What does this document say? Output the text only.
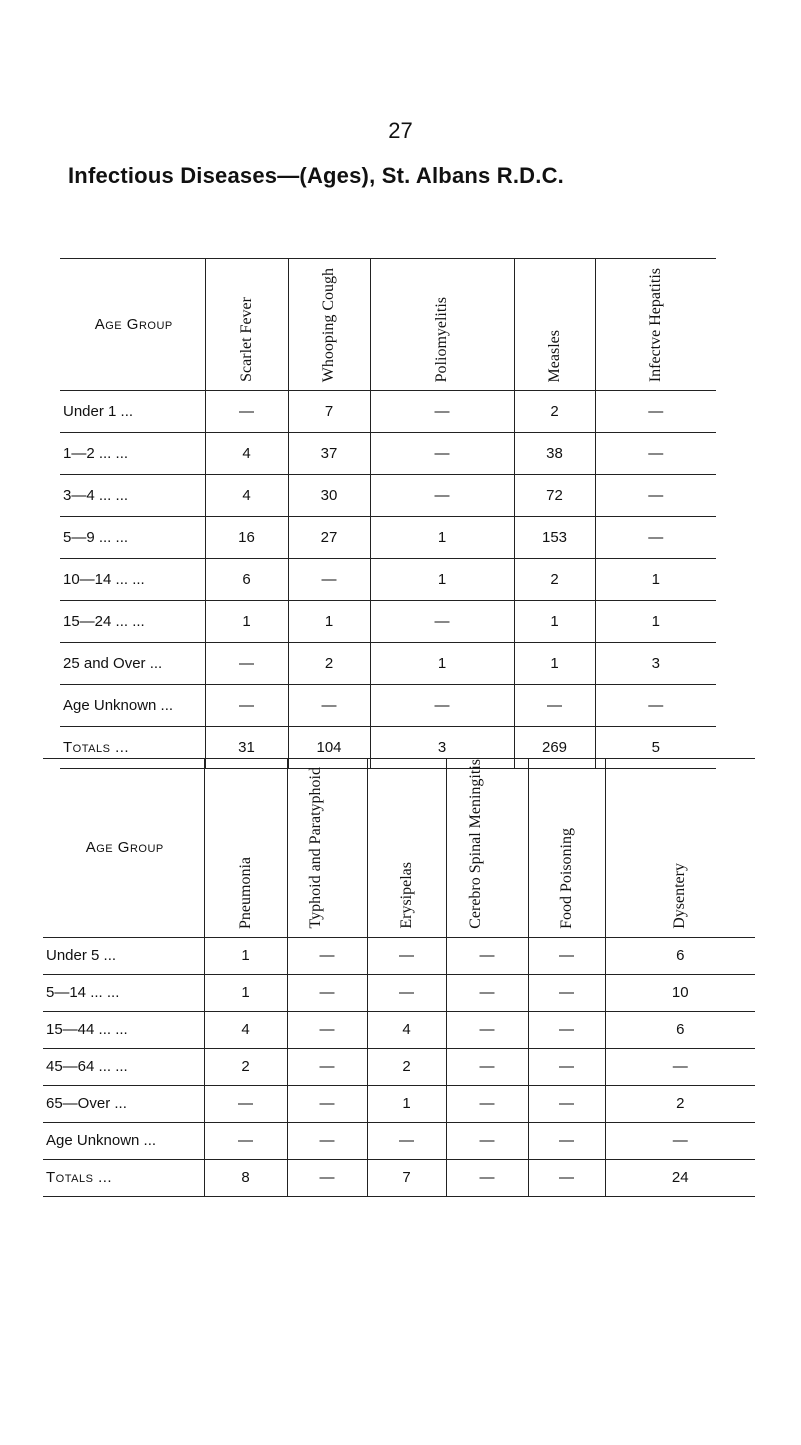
27
Infectious Diseases—(Ages), St. Albans R.D.C.
Age Group	Scarlet Fever	Whooping Cough	Poliomyelitis	Measles	Infectve Hepatitis
Under 1 ...	—	7	—	2	—
1—2 ... ...	4	37	—	38	—
3—4 ... ...	4	30	—	72	—
5—9 ... ...	16	27	1	153	—
10—14 ... ...	6	—	1	2	1
15—24 ... ...	1	1	—	1	1
25 and Over ...	—	2	1	1	3
Age Unknown ...	—	—	—	—	—
Totals ...	31	104	3	269	5
Age Group	Pneumonia	Typhoid and Paratyphoid	Erysipelas	Cerebro Spinal Meningitis	Food Poisoning	Dysentery
Under 5 ...	1	—	—	—	—	6
5—14 ... ...	1	—	—	—	—	10
15—44 ... ...	4	—	4	—	—	6
45—64 ... ...	2	—	2	—	—	—
65—Over ...	—	—	1	—	—	2
Age Unknown ...	—	—	—	—	—	—
Totals ...	8	—	7	—	—	24
